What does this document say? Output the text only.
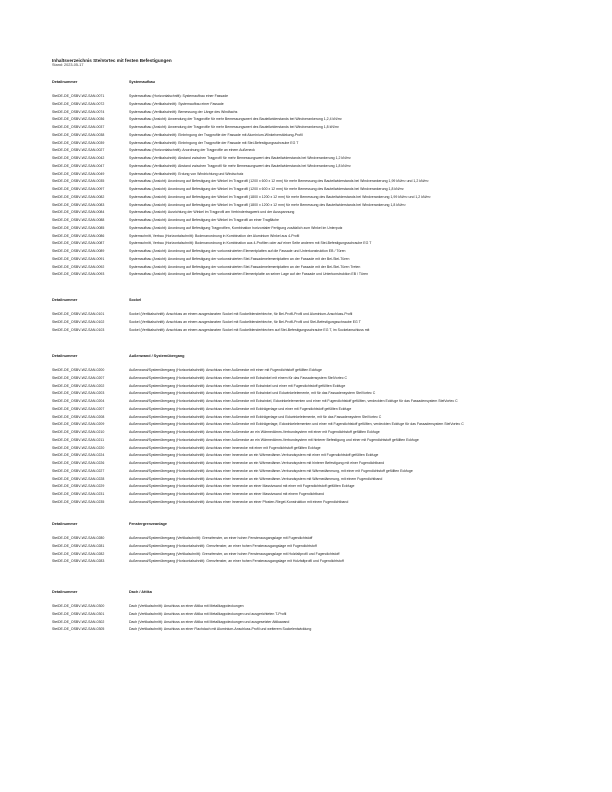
Inhaltsverzeichnis SteiVortec mit festen Befestigungen
Stand: 2023-05-17
Detailnummer	Systemaufbau
SteiDE-DE_OSBV-WZ-SAN-0071	Systemaufbau (Horizontalschnitt): Systemaufbau einer Fassade
SteiDE-DE_OSBV-WZ-SAN-0072	Systemaufbau (Vertikalschnitt): Systemaufbau einer Fassade
SteiDE-DE_OSBV-WZ-SAN-0074	Systemaufbau (Vertikalschnitt): Bemessung der Länge des Windfachs
SteiDE-DE_OSBV-WZ-SAN-0036	Systemaufbau (Ansicht): Anwendung der Tragprofile für mehr Bemessungswert des Bauteilwiderstands bei Windverankerung 1,2,4 kN/m²
SteiDE-DE_OSBV-WZ-SAN-0037	Systemaufbau (Ansicht): Anwendung der Tragprofile für mehr Bemessungswert des Bauteilwiderstands bei Windverankerung 1,8 kN/m²
SteiDE-DE_OSBV-WZ-SAN-0038	Systemaufbau (Vertikalschnitt): Einbringung der Tragprofile der Fassade mit Aluminium-Winkelverstärkung-Profil
SteiDE-DE_OSBV-WZ-SAN-0039	Systemaufbau (Vertikalschnitt): Einbringung der Tragprofile der Fassade mit Stei-Befestigungsschraube EG T
SteiDE-DE_OSBV-WZ-SAN-0027	Systemaufbau (Horizontalschnitt): Anordnung der Tragprofile an einem Außeneck
SteiDE-DE_OSBV-WZ-SAN-0042	Systemaufbau (Vertikalschnitt): Abstand zwischen Tragprofil für mehr Bemessungswert des Bauteilwiderstands bei Windverankerung 1,2 kN/m²
SteiDE-DE_OSBV-WZ-SAN-0047	Systemaufbau (Vertikalschnitt): Abstand zwischen Tragprofil für mehr Bemessungswert des Bauteilwiderstands bei Windverankerung 1,8 kN/m²
SteiDE-DE_OSBV-WZ-SAN-0049	Systemaufbau (Vertikalschnitt): Erdung von Windrichtung und Windschutz
SteiDE-DE_OSBV-WZ-SAN-0035	Systemaufbau (Ansicht): Anordnung auf Befestigung der Winkel im Tragprofil (1200 x 600 x 12 mm) für mehr Bemessung des Bauteilwiderstands bei Windverankerung 1,99 kN/m² und 1,2 kN/m²
SteiDE-DE_OSBV-WZ-SAN-0097	Systemaufbau (Ansicht): Anordnung auf Befestigung der Winkel im Tragprofil (1200 x 600 x 12 mm) für mehr Bemessung des Bauteilwiderstands bei Windverankerung 1,8 kN/m²
SteiDE-DE_OSBV-WZ-SAN-0082	Systemaufbau (Ansicht): Anordnung auf Befestigung der Winkel im Tragprofil (1800 x 1200 x 12 mm) für mehr Bemessung des Bauteilwiderstands bei Windverankerung 1,99 kN/m² und 1,2 kN/m²
SteiDE-DE_OSBV-WZ-SAN-0083	Systemaufbau (Ansicht): Anordnung auf Befestigung der Winkel im Tragprofil (1800 x 1200 x 12 mm) für mehr Bemessung des Bauteilwiderstands bei Windverankerung 1,8 kN/m²
SteiDE-DE_OSBV-WZ-SAN-0084	Systemaufbau (Ansicht): Ausrichtung der Winkel im Tragprofil am Verbindertragwerk und der Ausspannung
SteiDE-DE_OSBV-WZ-SAN-0088	Systemaufbau (Ansicht): Anordnung auf Befestigung der Winkel im Tragprofil an einer Tragfläche
SteiDE-DE_OSBV-WZ-SAN-0085	Systemaufbau (Ansicht): Anordnung auf Befestigung Tragprofilen, Kombination horizontaler Fertigung zusätzlich zum Winkel im Unterputz
SteiDE-DE_OSBV-WZ-SAN-0086	Systemschnitt, Verbau (Horizontalschnitt): Bodenanordnung in Kombination der Aluminium Winkel aus 4-Profil
SteiDE-DE_OSBV-WZ-SAN-0087	Systemschnitt, Verbau (Horizontalschnitt): Bodenanordnung in Kombination aus 4-Profilen oder auf einer Seite anderen mit Stei-Befestigungsschraube EG T
SteiDE-DE_OSBV-WZ-SAN-0089	Systemaufbau (Ansicht): Anordnung auf Befestigung der vorkonstruierten Elementplatten auf die Fassade und Unterkonstruktion EB / Türen
SteiDE-DE_OSBV-WZ-SAN-0091	Systemaufbau (Ansicht): Anordnung auf Befestigung der vorkonstruierten Stei-Fassadenelementplatten an der Fassade mit der Bei-Stei-Türen
SteiDE-DE_OSBV-WZ-SAN-0092	Systemaufbau (Ansicht): Anordnung auf Befestigung der vorkonstruierten Stei-Fassadenelementplatten an der Fassade mit der Bei-Stei-Türen Treten
SteiDE-DE_OSBV-WZ-SAN-0093	Systemaufbau (Ansicht): Anordnung auf Befestigung der vorkonstruierten Elementplatte an seiner Lage auf der Fassade und Unterkonstruktion EB / Türen
Detailnummer	Sockel
SteiDE-DE_OSBV-WZ-SAN-0101	Sockel (Vertikalschnitt): Anschluss an einem ausgestanzten Sockel mit Sockelblenderbleche, für Bei-Profil-Profil und Aluminium-Anschluss-Profil
SteiDE-DE_OSBV-WZ-SAN-0102	Sockel (Vertikalschnitt): Anschluss an einem ausgestanzten Sockel mit Sockelblenderbleche, für Bei-Profil-Profil und Stei-Befestigungsschraube EG T
SteiDE-DE_OSBV-WZ-SAN-0103	Sockel (Vertikalschnitt): Anschluss an einem ausgestanzten Sockel mit Sockelblenderblechen auf Stei-Befestigungsschraube EG T, im Sockelanschluss mit
Detailnummer	Außenwand / Systemübergang
SteiDE-DE_OSBV-WZ-SAN-0200	Außenwand/Systemübergang (Horizontalschnitt): Anschluss einer Außenecke mit einer mit Fugendichtstoff gefüllten Eckfuge
SteiDE-DE_OSBV-WZ-SAN-0207	Außenwand/Systemübergang (Horizontalschnitt): Anschluss einer Außenecke mit Eckwinkel mit einem für das Fassadensystem SteiVortec C
SteiDE-DE_OSBV-WZ-SAN-0202	Außenwand/Systemübergang (Horizontalschnitt): Anschluss einer Außenecke mit Eckwinkel und einer mit Fugendichtstoff gefüllten Eckfuge
SteiDE-DE_OSBV-WZ-SAN-0203	Außenwand/Systemübergang (Horizontalschnitt): Anschluss einer Außenecke mit Eckwinkel und Eckwinkelelemente, mit für das Fassadensystem SteiVortec C
SteiDE-DE_OSBV-WZ-SAN-0204	Außenwand/Systemübergang (Horizontalschnitt): Anschluss einer Außenecke mit Eckwinkel, Eckwinkelelementen und einer mit Fugendichtstoff gefüllten, verdeckten Eckfuge für das Fassadensystem SteiVortec C
SteiDE-DE_OSBV-WZ-SAN-0207	Außenwand/Systemübergang (Horizontalschnitt): Anschluss einer Außenecke mit Eckträgerlage und einer mit Fugendichtstoff gefüllten Eckfuge
SteiDE-DE_OSBV-WZ-SAN-0208	Außenwand/Systemübergang (Horizontalschnitt): Anschluss einer Außenecke mit Eckträgerlage und Eckwinkelelemente, mit für das Fassadensystem SteiVortec C
SteiDE-DE_OSBV-WZ-SAN-0209	Außenwand/Systemübergang (Horizontalschnitt): Anschluss einer Außenecke mit Eckträgerlage, Eckwinkelelementen und einer mit Fugendichtstoff gefüllten, verdeckten Eckfuge für das Fassadensystem SteiVortec C
SteiDE-DE_OSBV-WZ-SAN-0210	Außenwand/Systemübergang (Horizontalschnitt): Anschluss einer Außenecke an ein Wärmedämm-Verbundsystem mit einer mit Fugendichtstoff gefüllten Eckfuge
SteiDE-DE_OSBV-WZ-SAN-0211	Außenwand/Systemübergang (Horizontalschnitt): Anschluss einer Außenecke an ein Wärmedämm-Verbundsystem mit hinterer Befestigung und einer mit Fugendichtstoff gefüllten Eckfuge
SteiDE-DE_OSBV-WZ-SAN-0220	Außenwand/Systemübergang (Horizontalschnitt): Anschluss einer Innenecke mit einer mit Fugendichtstoff gefüllten Eckfuge
SteiDE-DE_OSBV-WZ-SAN-0224	Außenwand/Systemübergang (Horizontalschnitt): Anschluss einer Innenecke an ein Wärmedämm-Verbundsystem mit einer mit Fugendichtstoff gefüllten Eckfuge
SteiDE-DE_OSBV-WZ-SAN-0226	Außenwand/Systemübergang (Horizontalschnitt): Anschluss einer Innenecke an ein Wärmedämm-Verbundsystem mit hinterer Befestigung mit einer Fugendichtband
SteiDE-DE_OSBV-WZ-SAN-0227	Außenwand/Systemübergang (Horizontalschnitt): Anschluss einer Innenecke an ein Wärmedämm-Verbundsystem mit Wärmedämmung, mit einer mit Fugendichtstoff gefüllten Eckfuge
SteiDE-DE_OSBV-WZ-SAN-0228	Außenwand/Systemübergang (Horizontalschnitt): Anschluss einer Innenecke an ein Wärmedämm-Verbundsystem mit Wärmedämmung, mit einem Fugendichtband
SteiDE-DE_OSBV-WZ-SAN-0229	Außenwand/Systemübergang (Horizontalschnitt): Anschluss einer Innenecke an einer Massivwand mit einer mit Fugendichtstoff gefüllten Eckfuge
SteiDE-DE_OSBV-WZ-SAN-0231	Außenwand/Systemübergang (Horizontalschnitt): Anschluss einer Innenecke an einer Massivwand mit einem Fugendichtband
SteiDE-DE_OSBV-WZ-SAN-0235	Außenwand/Systemübergang (Horizontalschnitt): Anschluss einer Innenecke an einer Pfosten-Riegel-Konstruktion mit einem Fugendichtband
Detailnummer	Fenstergrenzeanlage
SteiDE-DE_OSBV-WZ-SAN-0280	Außenwand/Systemübergang (Vertikalschnitt): Grenzfenster, an einer hohen Fensterausgangslage mit Fugendichtstoff
SteiDE-DE_OSBV-WZ-SAN-0281	Außenwand/Systemübergang (Horizontalschnitt): Grenzfenster, an einer hohen Fensterausgangslage mit Fugendichtstoff
SteiDE-DE_OSBV-WZ-SAN-0282	Außenwand/Systemübergang (Vertikalschnitt): Grenzfenster, an einer hohen Fensterausgangslage mit Holzfaltprofil und Fugendichtstoff
SteiDE-DE_OSBV-WZ-SAN-0283	Außenwand/Systemübergang (Horizontalschnitt): Grenzfenster, an einer hohen Fensterausgangslage mit Holzfaltprofil und Fugendichtstoff
Detailnummer	Dach / Attika
SteiDE-DE_OSBV-WZ-SAN-0300	Dach (Vertikalschnitt): Anschluss an einer Attika mit Metallkappdeckungen
SteiDE-DE_OSBV-WZ-SAN-0301	Dach (Vertikalschnitt): Anschluss an einer Attika mit Metallkappdeckungen und ausgerichteten T-Profil
SteiDE-DE_OSBV-WZ-SAN-0302	Dach (Vertikalschnitt): Anschluss an einer Attika mit Metallkappdeckungen und ausgesetzter Attikawand
SteiDE-DE_OSBV-WZ-SAN-0305	Dach (Vertikalschnitt): Anschluss an einer Flachdach mit Aluminium-Anschluss-Profil und weiterem Sockelentwicklung
